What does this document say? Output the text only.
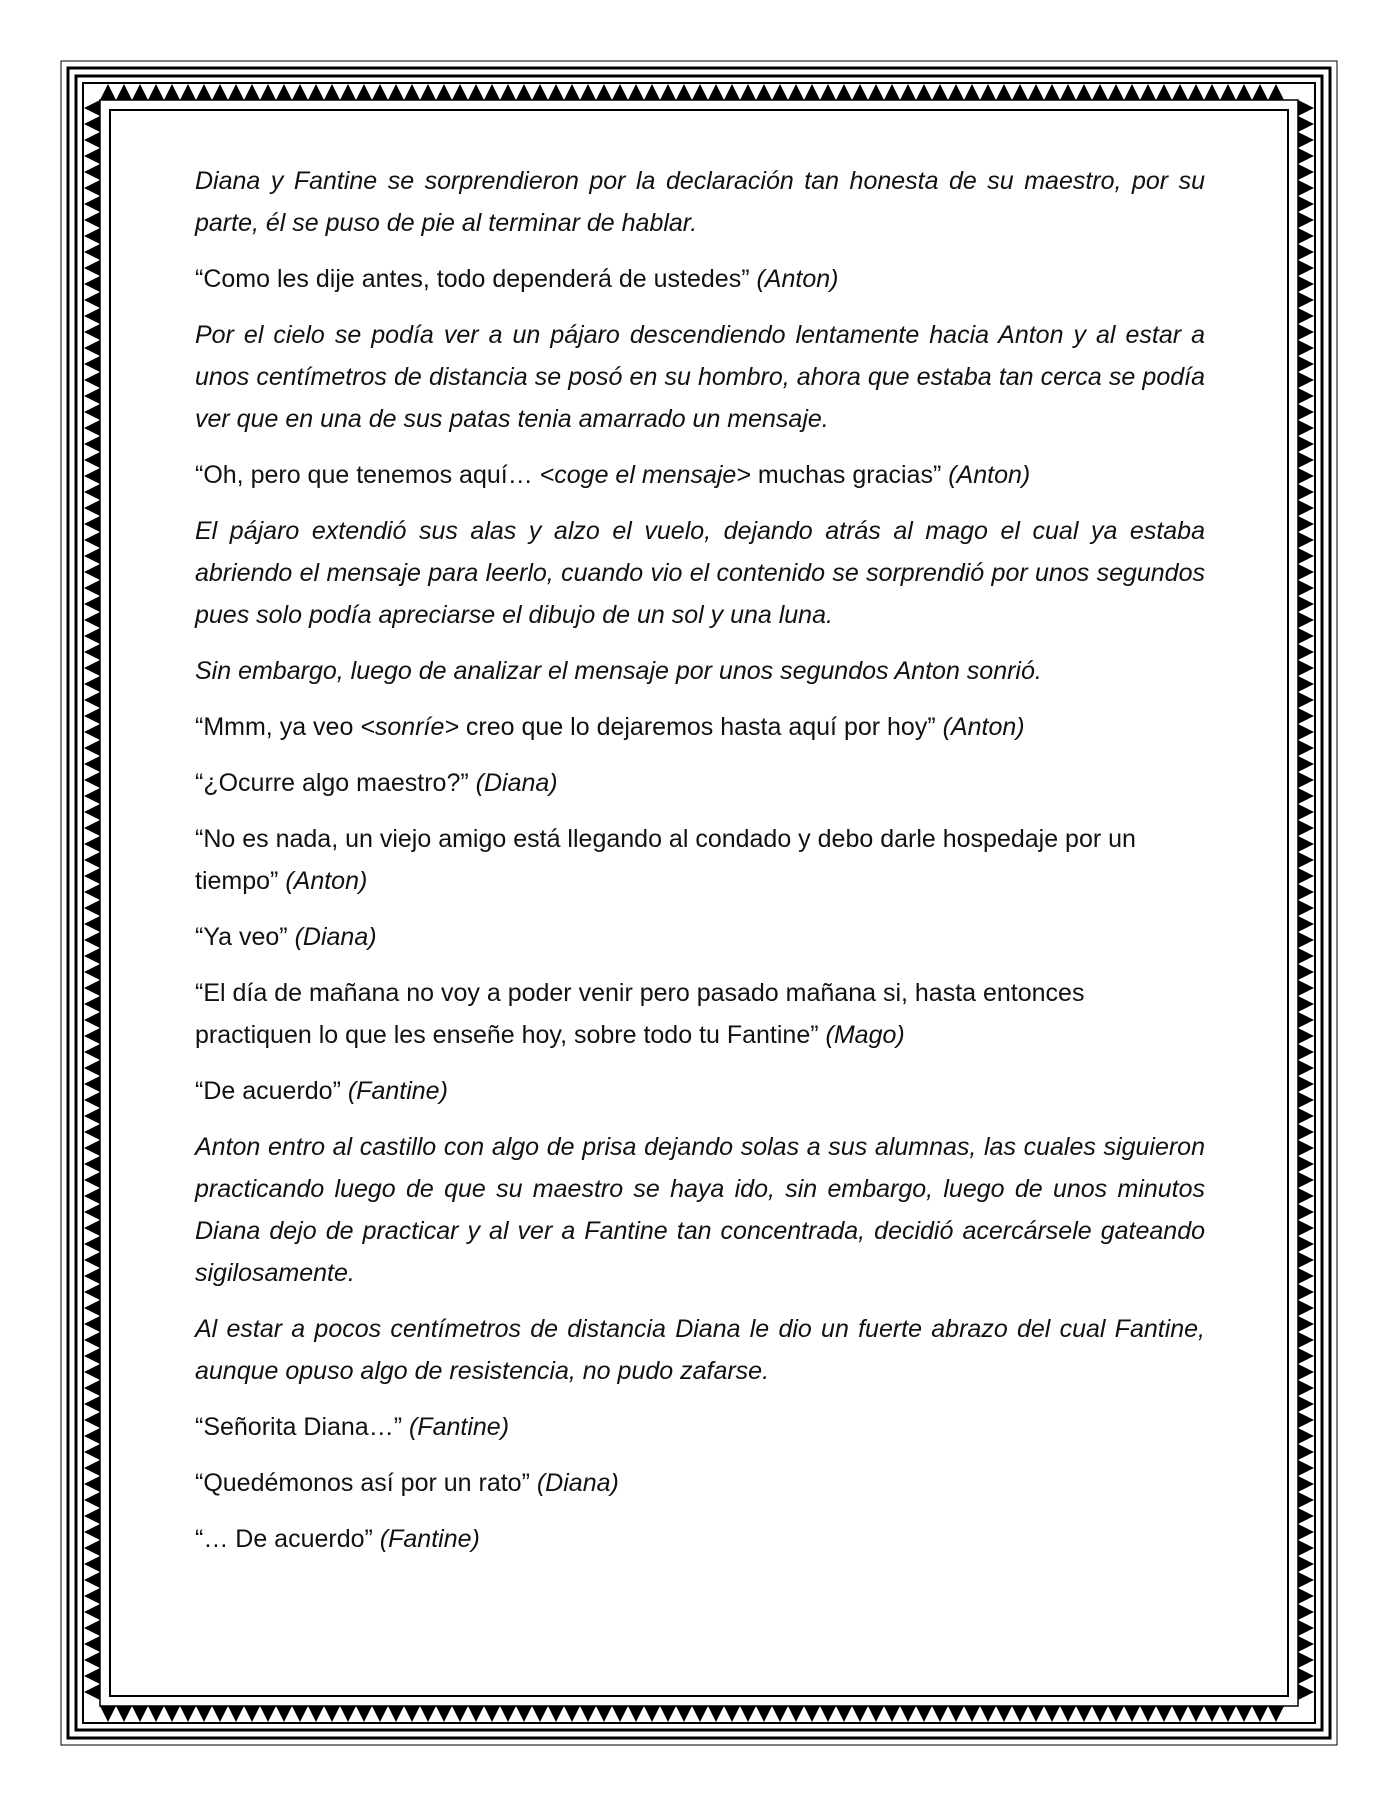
Diana y Fantine se sorprendieron por la declaración tan honesta de su maestro, por su parte, él se puso de pie al terminar de hablar.

“Como les dije antes, todo dependerá de ustedes” (Anton)

Por el cielo se podía ver a un pájaro descendiendo lentamente hacia Anton y al estar a unos centímetros de distancia se posó en su hombro, ahora que estaba tan cerca se podía ver que en una de sus patas tenia amarrado un mensaje.

“Oh, pero que tenemos aquí… <coge el mensaje> muchas gracias” (Anton)

El pájaro extendió sus alas y alzo el vuelo, dejando atrás al mago el cual ya estaba abriendo el mensaje para leerlo, cuando vio el contenido se sorprendió por unos segundos pues solo podía apreciarse el dibujo de un sol y una luna.

Sin embargo, luego de analizar el mensaje por unos segundos Anton sonrió.

“Mmm, ya veo <sonríe> creo que lo dejaremos hasta aquí por hoy” (Anton)

“¿Ocurre algo maestro?” (Diana)

“No es nada, un viejo amigo está llegando al condado y debo darle hospedaje por un tiempo” (Anton)

“Ya veo” (Diana)

“El día de mañana no voy a poder venir pero pasado mañana si, hasta entonces practiquen lo que les enseñe hoy, sobre todo tu Fantine” (Mago)

“De acuerdo” (Fantine)

Anton entro al castillo con algo de prisa dejando solas a sus alumnas, las cuales siguieron practicando luego de que su maestro se haya ido, sin embargo, luego de unos minutos Diana dejo de practicar y al ver a Fantine tan concentrada, decidió acercársele gateando sigilosamente.

Al estar a pocos centímetros de distancia Diana le dio un fuerte abrazo del cual Fantine, aunque opuso algo de resistencia, no pudo zafarse.

“Señorita Diana…” (Fantine)

“Quedémonos así por un rato” (Diana)

“… De acuerdo” (Fantine)
